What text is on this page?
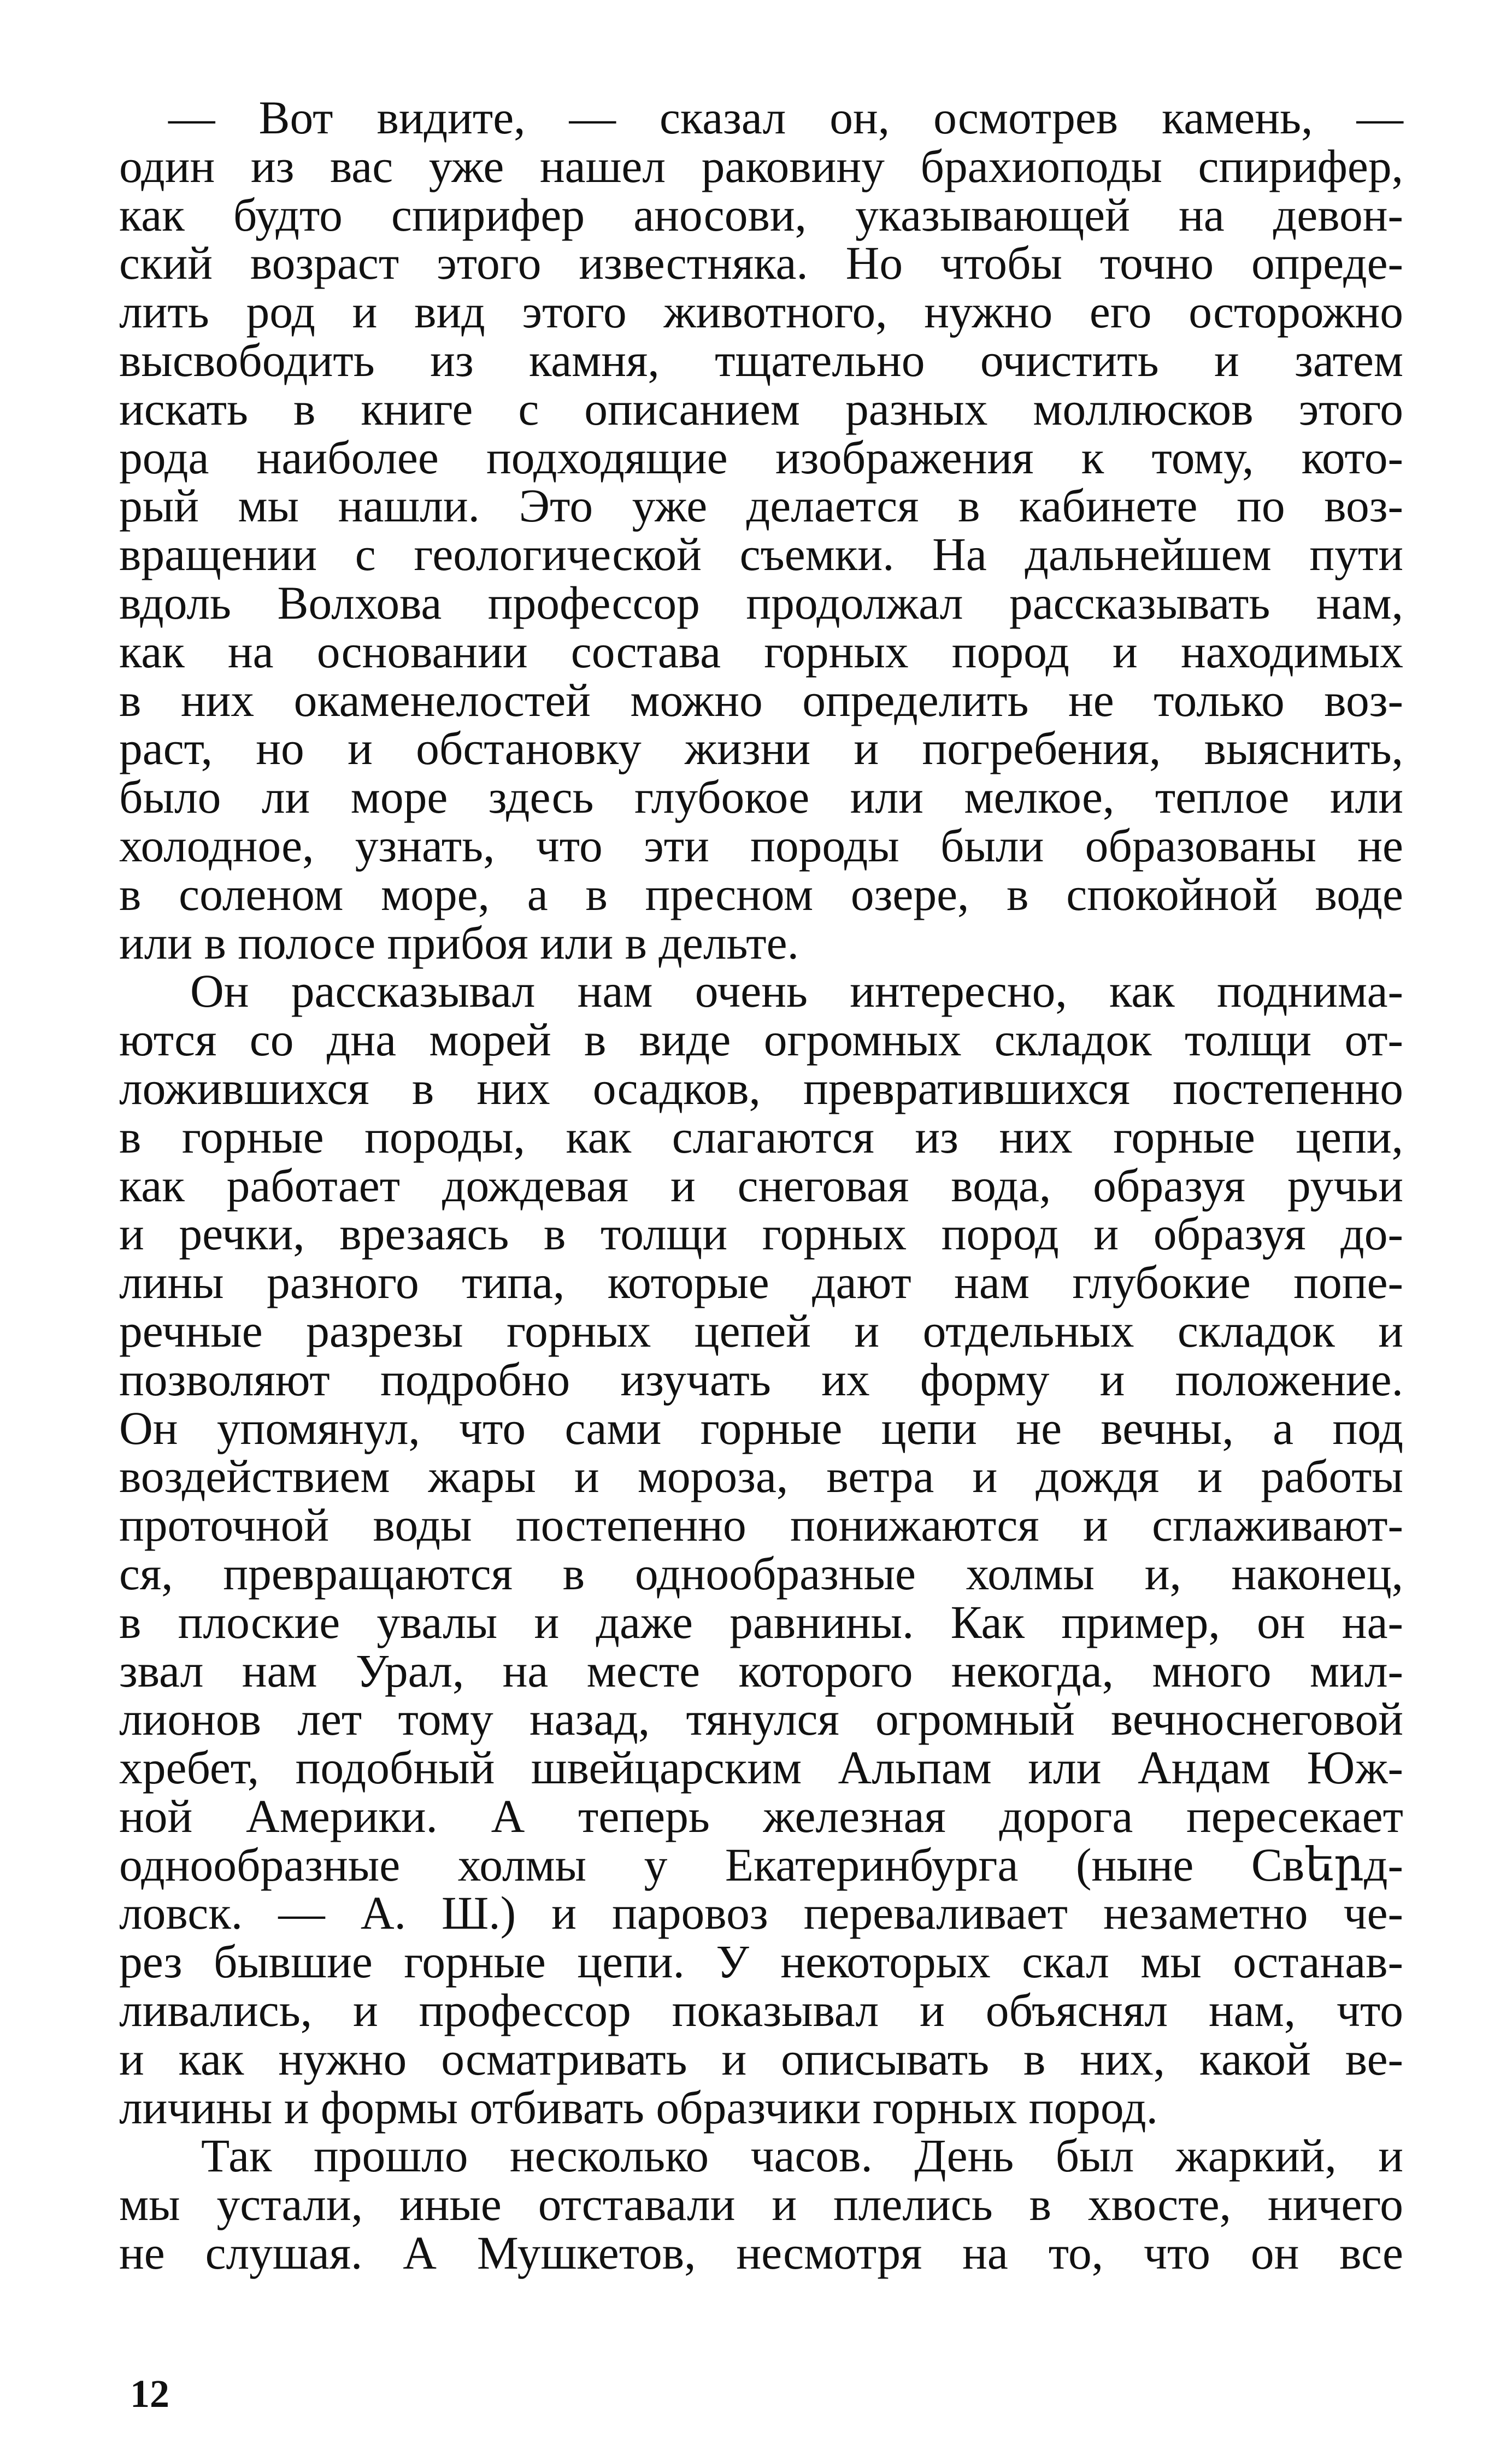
— Вот видите, — сказал он, осмотрев камень, —
один из вас уже нашел раковину брахиоподы спирифер,
как будто спирифер аносови, указывающей на девон-
ский возраст этого известняка. Но чтобы точно опреде-
лить род и вид этого животного, нужно его осторожно
высвободить из камня, тщательно очистить и затем
искать в книге с описанием разных моллюсков этого
рода наиболее подходящие изображения к тому, кото-
рый мы нашли. Это уже делается в кабинете по воз-
вращении с геологической съемки. На дальнейшем пути
вдоль Волхова профессор продолжал рассказывать нам,
как на основании состава горных пород и находимых
в них окаменелостей можно определить не только воз-
раст, но и обстановку жизни и погребения, выяснить,
было ли море здесь глубокое или мелкое, теплое или
холодное, узнать, что эти породы были образованы не
в соленом море, а в пресном озере, в спокойной воде
или в полосе прибоя или в дельте.
Он рассказывал нам очень интересно, как поднима-
ются со дна морей в виде огромных складок толщи от-
ложившихся в них осадков, превратившихся постепенно
в горные породы, как слагаются из них горные цепи,
как работает дождевая и снеговая вода, образуя ручьи
и речки, врезаясь в толщи горных пород и образуя до-
лины разного типа, которые дают нам глубокие попе-
речные разрезы горных цепей и отдельных складок и
позволяют подробно изучать их форму и положение.
Он упомянул, что сами горные цепи не вечны, а под
воздействием жары и мороза, ветра и дождя и работы
проточной воды постепенно понижаются и сглаживают-
ся, превращаются в однообразные холмы и, наконец,
в плоские увалы и даже равнины. Как пример, он на-
звал нам Урал, на месте которого некогда, много мил-
лионов лет тому назад, тянулся огромный вечноснеговой
хребет, подобный швейцарским Альпам или Андам Юж-
ной Америки. А теперь железная дорога пересекает
однообразные холмы у Екатеринбурга (ныне Свերд-
ловск. — А. Ш.) и паровоз переваливает незаметно че-
рез бывшие горные цепи. У некоторых скал мы останав-
ливались, и профессор показывал и объяснял нам, что
и как нужно осматривать и описывать в них, какой ве-
личины и формы отбивать образчики горных пород.
Так прошло несколько часов. День был жаркий, и
мы устали, иные отставали и плелись в хвосте, ничего
не слушая. А Мушкетов, несмотря на то, что он все
12
